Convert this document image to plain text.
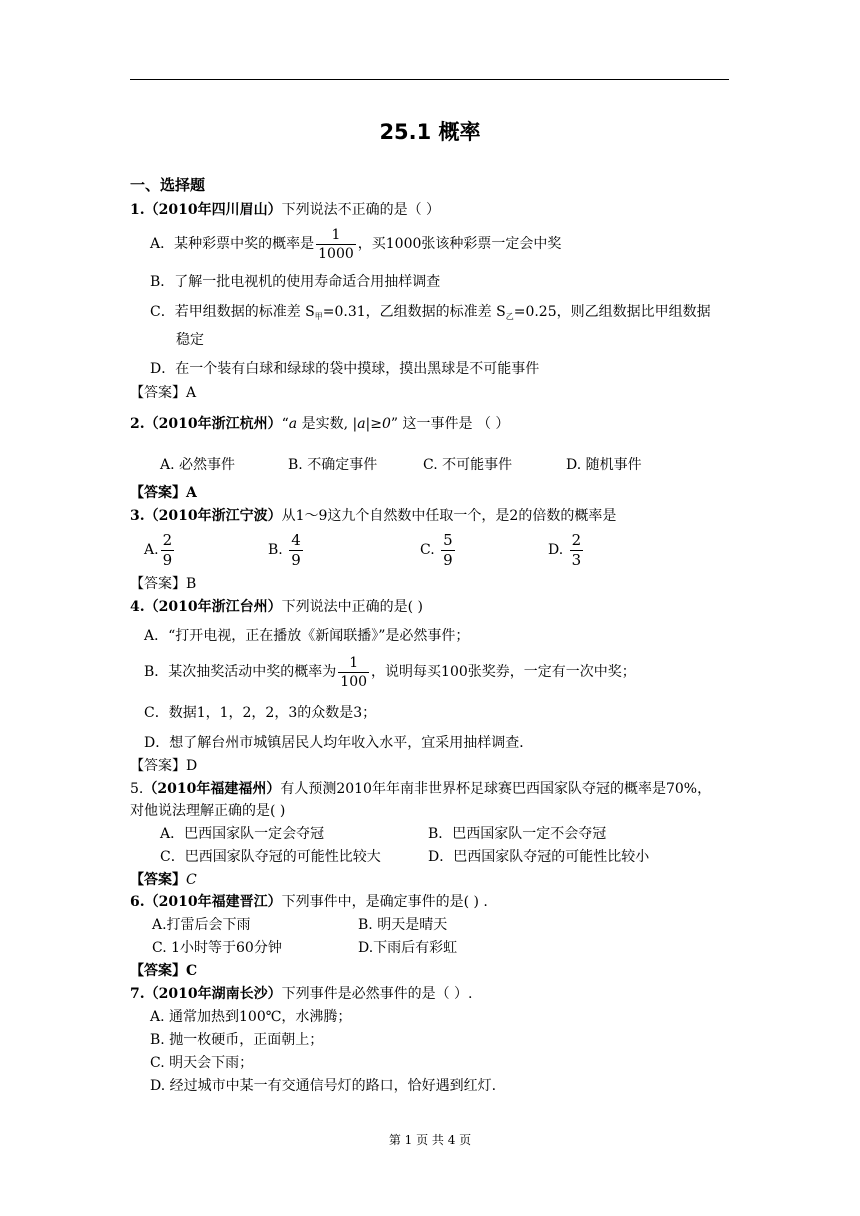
25.1 概率
一、选择题
1.（2010年四川眉山）下列说法不正确的是（ ）
A．某种彩票中奖的概率是 $\frac{1}{1000}$ ，买1000张该种彩票一定会中奖
B．了解一批电视机的使用寿命适合用抽样调查
C．若甲组数据的标准差 $S_甲=0.31$，乙组数据的标准差 $S_乙=0.25$，则乙组数据比甲组数据
稳定
D．在一个装有白球和绿球的袋中摸球，摸出黑球是不可能事件
【答案】A
2.（2010年浙江杭州）“a 是实数, |a|≥0” 这一事件是 （ ）
A. 必然事件	B. 不确定事件	C. 不可能事件	D. 随机事件
【答案】A
3.（2010年浙江宁波）从1～9这九个自然数中任取一个，是2的倍数的概率是
A. $\frac{2}{9}$	B. $\frac{4}{9}$	C. $\frac{5}{9}$	D. $\frac{2}{3}$
【答案】B
4.（2010年浙江台州）下列说法中正确的是( )
A．“打开电视，正在播放《新闻联播》”是必然事件；
B．某次抽奖活动中奖的概率为 $\frac{1}{100}$ ，说明每买100张奖券，一定有一次中奖；
C．数据1，1，2，2，3的众数是3；
D．想了解台州市城镇居民人均年收入水平，宜采用抽样调查．
【答案】D
5.（2010年福建福州）有人预测2010年年南非世界杯足球赛巴西国家队夺冠的概率是70%，
对他说法理解正确的是( )
A．巴西国家队一定会夺冠	B．巴西国家队一定不会夺冠
C．巴西国家队夺冠的可能性比较大	D．巴西国家队夺冠的可能性比较小
【答案】C
6.（2010年福建晋江）下列事件中，是确定事件的是( ) .
A.打雷后会下雨	B. 明天是晴天
C. 1小时等于60分钟	D.下雨后有彩虹
【答案】C
7.（2010年湖南长沙）下列事件是必然事件的是（ ）.
A. 通常加热到100℃，水沸腾；
B. 抛一枚硬币，正面朝上；
C. 明天会下雨；
D. 经过城市中某一有交通信号灯的路口，恰好遇到红灯.
第 1 页 共 4 页
